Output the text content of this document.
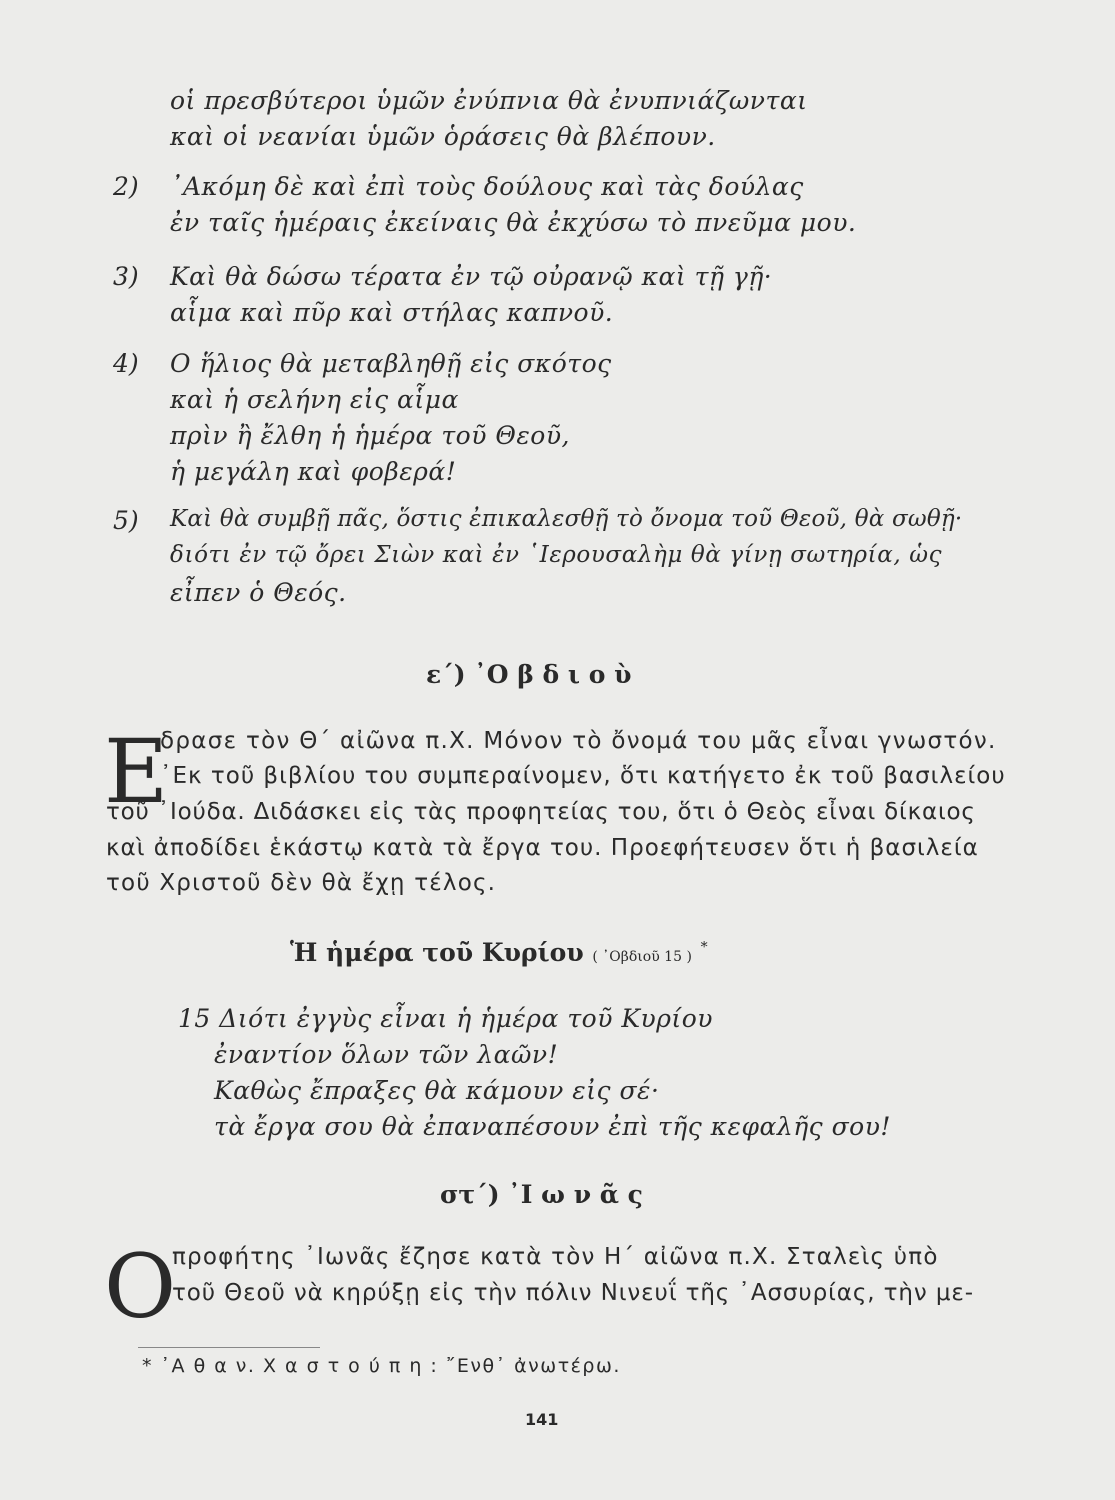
οἱ πρεσβύτεροι ὑμῶν ἐνύπνια θὰ ἐνυπνιάζωνται
καὶ οἱ νεανίαι ὑμῶν ὁράσεις θὰ βλέπουν.
2) ᾿Ακόμη δὲ καὶ ἐπὶ τοὺς δούλους καὶ τὰς δούλας
ἐν ταῖς ἡμέραις ἐκείναις θὰ ἐκχύσω τὸ πνεῦμα μου.
3) Καὶ θὰ δώσω τέρατα ἐν τῷ οὐρανῷ καὶ τῇ γῇ·
αἷμα καὶ πῦρ καὶ στήλας καπνοῦ.
4) Ο ἥλιος θὰ μεταβληθῇ εἰς σκότος
καὶ ἡ σελήνη εἰς αἷμα
πρὶν ἢ ἔλθη ἡ ἡμέρα τοῦ Θεοῦ,
ἡ μεγάλη καὶ φοβερά!
5) Καὶ θὰ συμβῇ πᾶς, ὅστις ἐπικαλεσθῇ τὸ ὄνομα τοῦ Θεοῦ, θὰ σωθῇ·
διότι ἐν τῷ ὄρει Σιὼν καὶ ἐν ῾Ιερουσαλὴμ θὰ γίνῃ σωτηρία, ὡς
εἶπεν ὁ Θεός.
ε΄) ᾿Ο β δ ι ο ὺ
Ε
δρασε τὸν Θ΄ αἰῶνα π.Χ. Μόνον τὸ ὄνομά του μᾶς εἶναι γνωστόν.
᾿Εκ τοῦ βιβλίου του συμπεραίνομεν, ὅτι κατήγετο ἐκ τοῦ βασιλείου
τοῦ ᾿Ιούδα. Διδάσκει εἰς τὰς προφητείας του, ὅτι ὁ Θεὸς εἶναι δίκαιος
καὶ ἀποδίδει ἑκάστῳ κατὰ τὰ ἔργα του. Προεφήτευσεν ὅτι ἡ βασιλεία
τοῦ Χριστοῦ δὲν θὰ ἔχῃ τέλος.
Ἡ ἡμέρα τοῦ Κυρίου ( ᾿Οβδιοῦ 15 ) *
15 Διότι ἐγγὺς εἶναι ἡ ἡμέρα τοῦ Κυρίου
ἐναντίον ὅλων τῶν λαῶν!
Καθὼς ἔπραξες θὰ κάμουν εἰς σέ·
τὰ ἔργα σου θὰ ἐπαναπέσουν ἐπὶ τῆς κεφαλῆς σου!
στ΄) ᾿Ι ω ν ᾶ ς
Ο
προφήτης ᾿Ιωνᾶς ἔζησε κατὰ τὸν Η΄ αἰῶνα π.Χ. Σταλεὶς ὑπὸ
τοῦ Θεοῦ νὰ κηρύξῃ εἰς τὴν πόλιν Νινευΐ τῆς ᾿Ασσυρίας, τὴν με-
* ᾿Α θ α ν. Χ α σ τ ο ύ π η : ῎Ενθ᾿ ἀνωτέρω.
141
